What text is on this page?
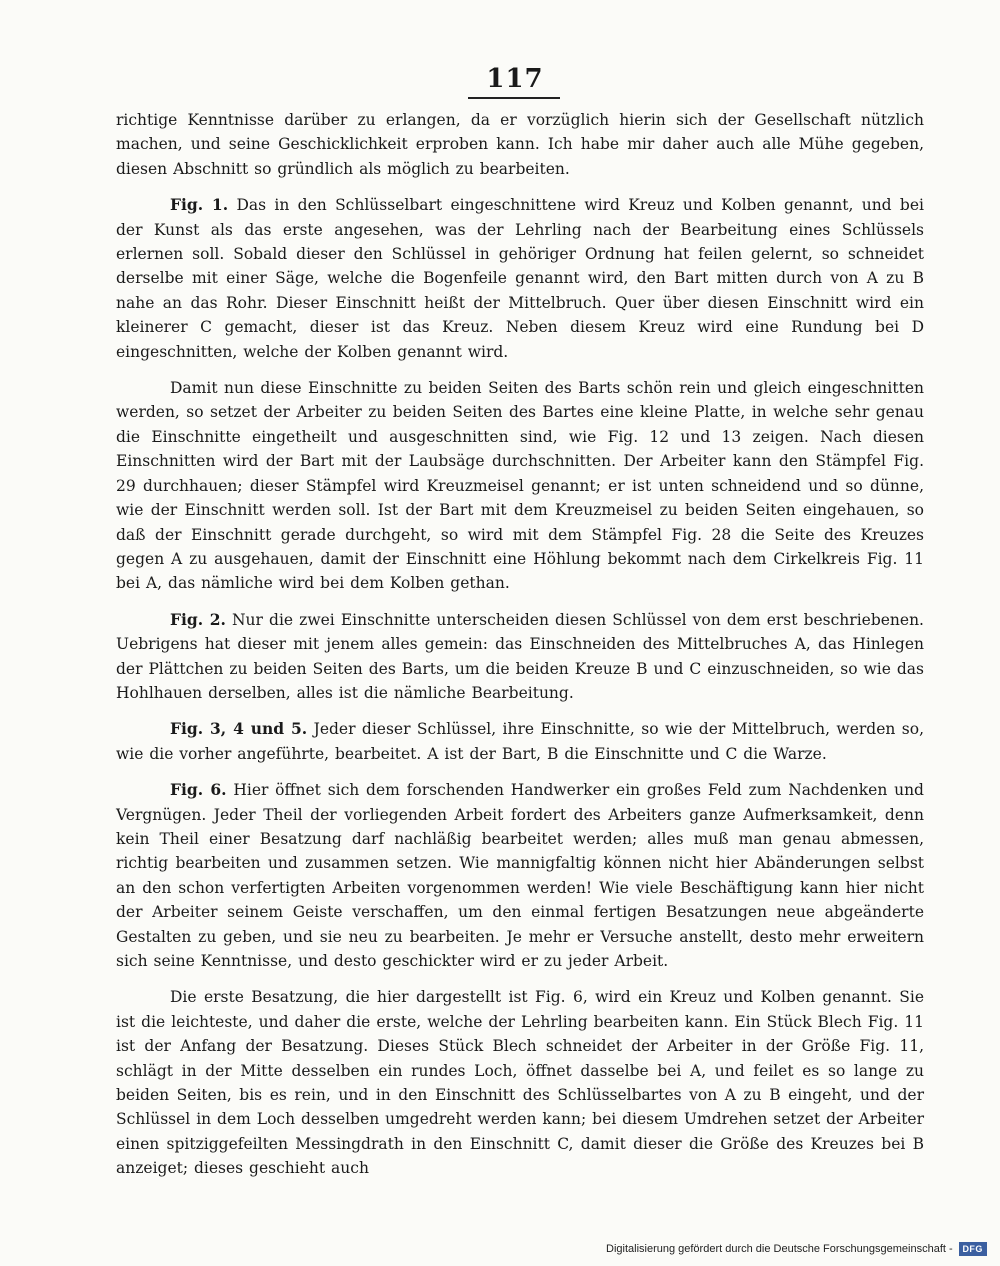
117

richtige Kenntnisse darüber zu erlangen, da er vorzüglich hierin sich der Gesellschaft nützlich machen, und seine Geschicklichkeit erproben kann. Ich habe mir daher auch alle Mühe gegeben, diesen Abschnitt so gründlich als möglich zu bearbeiten.

Fig. 1. Das in den Schlüsselbart eingeschnittene wird Kreuz und Kolben genannt, und bei der Kunst als das erste angesehen, was der Lehrling nach der Bearbeitung eines Schlüssels erlernen soll. Sobald dieser den Schlüssel in gehöriger Ordnung hat feilen gelernt, so schneidet derselbe mit einer Säge, welche die Bogenfeile genannt wird, den Bart mitten durch von A zu B nahe an das Rohr. Dieser Einschnitt heißt der Mittelbruch. Quer über diesen Einschnitt wird ein kleinerer C gemacht, dieser ist das Kreuz. Neben diesem Kreuz wird eine Rundung bei D eingeschnitten, welche der Kolben genannt wird.

Damit nun diese Einschnitte zu beiden Seiten des Barts schön rein und gleich eingeschnitten werden, so setzet der Arbeiter zu beiden Seiten des Bartes eine kleine Platte, in welche sehr genau die Einschnitte eingetheilt und ausgeschnitten sind, wie Fig. 12 und 13 zeigen. Nach diesen Einschnitten wird der Bart mit der Laubsäge durchschnitten. Der Arbeiter kann den Stämpfel Fig. 29 durchhauen; dieser Stämpfel wird Kreuzmeisel genannt; er ist unten schneidend und so dünne, wie der Einschnitt werden soll. Ist der Bart mit dem Kreuzmeisel zu beiden Seiten eingehauen, so daß der Einschnitt gerade durchgeht, so wird mit dem Stämpfel Fig. 28 die Seite des Kreuzes gegen A zu ausgehauen, damit der Einschnitt eine Höhlung bekommt nach dem Cirkelkreis Fig. 11 bei A, das nämliche wird bei dem Kolben gethan.

Fig. 2. Nur die zwei Einschnitte unterscheiden diesen Schlüssel von dem erst beschriebenen. Uebrigens hat dieser mit jenem alles gemein: das Einschneiden des Mittelbruches A, das Hinlegen der Plättchen zu beiden Seiten des Barts, um die beiden Kreuze B und C einzuschneiden, so wie das Hohlhauen derselben, alles ist die nämliche Bearbeitung.

Fig. 3, 4 und 5. Jeder dieser Schlüssel, ihre Einschnitte, so wie der Mittelbruch, werden so, wie die vorher angeführte, bearbeitet. A ist der Bart, B die Einschnitte und C die Warze.

Fig. 6. Hier öffnet sich dem forschenden Handwerker ein großes Feld zum Nachdenken und Vergnügen. Jeder Theil der vorliegenden Arbeit fordert des Arbeiters ganze Aufmerksamkeit, denn kein Theil einer Besatzung darf nachläßig bearbeitet werden; alles muß man genau abmessen, richtig bearbeiten und zusammen setzen. Wie mannigfaltig können nicht hier Abänderungen selbst an den schon verfertigten Arbeiten vorgenommen werden! Wie viele Beschäftigung kann hier nicht der Arbeiter seinem Geiste verschaffen, um den einmal fertigen Besatzungen neue abgeänderte Gestalten zu geben, und sie neu zu bearbeiten. Je mehr er Versuche anstellt, desto mehr erweitern sich seine Kenntnisse, und desto geschickter wird er zu jeder Arbeit.

Die erste Besatzung, die hier dargestellt ist Fig. 6, wird ein Kreuz und Kolben genannt. Sie ist die leichteste, und daher die erste, welche der Lehrling bearbeiten kann. Ein Stück Blech Fig. 11 ist der Anfang der Besatzung. Dieses Stück Blech schneidet der Arbeiter in der Größe Fig. 11, schlägt in der Mitte desselben ein rundes Loch, öffnet dasselbe bei A, und feilet es so lange zu beiden Seiten, bis es rein, und in den Einschnitt des Schlüsselbartes von A zu B eingeht, und der Schlüssel in dem Loch desselben umgedreht werden kann; bei diesem Umdrehen setzet der Arbeiter einen spitziggefeilten Messingdrath in den Einschnitt C, damit dieser die Größe des Kreuzes bei B anzeiget; dieses geschieht auch

Digitalisierung gefördert durch die Deutsche Forschungsgemeinschaft -	DFG
